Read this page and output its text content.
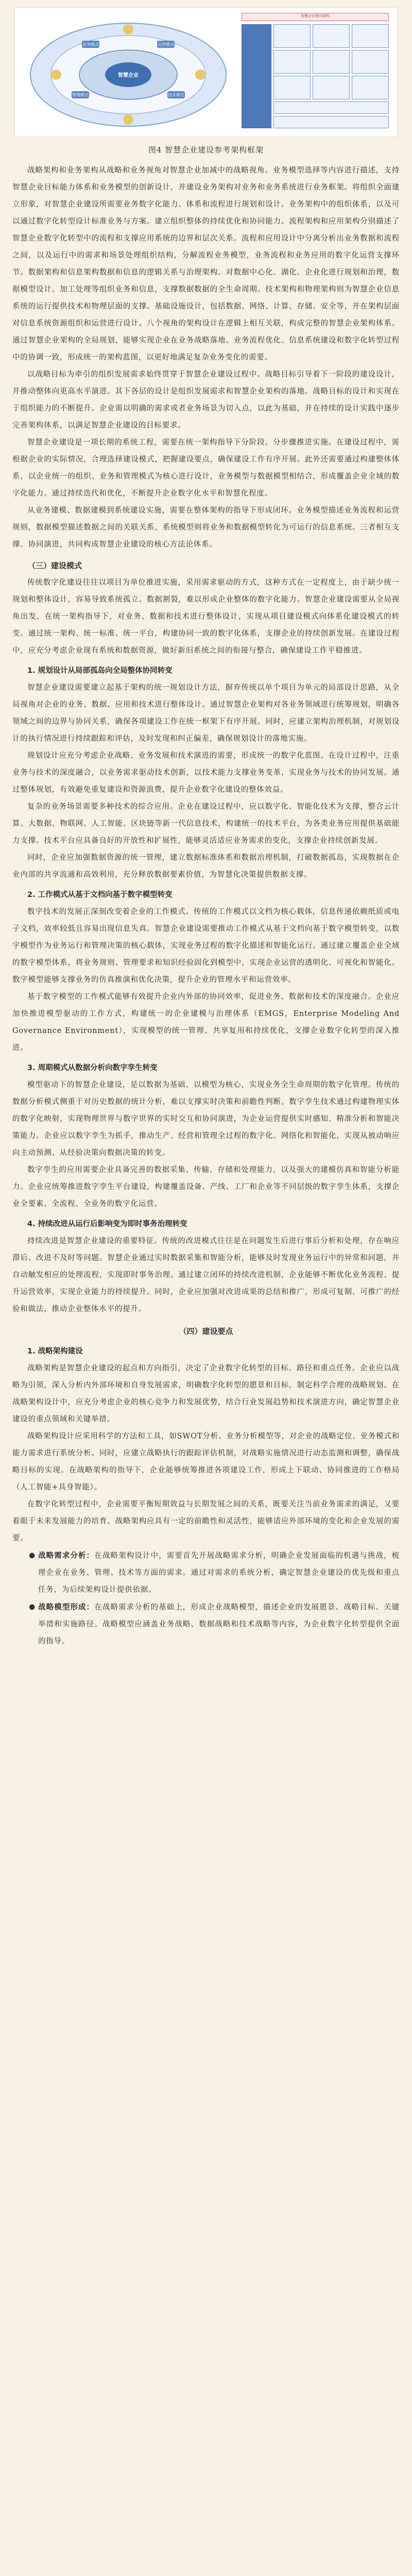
业务模式	运营模式
管理模式	技术模式
智慧企业
智慧企业建设架构
图4 智慧企业建设参考架构框架

战略架构和业务架构从战略和业务视角对智慧企业加减中的战略视角。业务模型选择等内容进行描述，支持智慧企业目标能力体系和业务模型的创新设计，并建设业务架构对业务和业务系统进行业务框架。将组织全面建立形象，对智慧企业建设所需要业务数字化能力、体系和流程进行规划和设计。业务架构中的组织体系，以及可以通过数字化转型设计标准业务与方案。建立组织整体的持续优化和协同能力。流程架构和应用架构分别描述了智慧企业数字化转型中的流程和支撑应用系统的边界和层次关系。流程和应用设计中分离分析出业务数据和流程之间，以及运行中的需求和场景处理组织结构，分解流程业务模型，业务流程和业务应用的数字化运营支撑环节。数据架构和信息架构数据和信息的逻辑关系与治理架构。对数据中心化、湖化、企业化进行规划和治理，数据模型设计、加工处理等组织业务和信息，支撑数据数据的全生命周期。技术架构和物理架构则为智慧企业信息系统的运行提供技术和物理层面的支撑。基础设施设计，包括数据、网络、计算、存储、安全等，并在架构层面对信息系统资源组织和运营进行设计。八个视角的架构设计在逻辑上相互关联，构成完整的智慧企业架构体系。通过智慧企业架构的全局规划，能够实现企业在业务战略落地、业务流程优化、信息系统建设和数字化转型过程中的协调一致，形成统一的架构蓝图，以更好地满足复杂业务变化的需要。

以战略目标为牵引的组织发展需求始终贯穿于智慧企业建设过程中。战略目标引导着下一阶段的建设设计，并推动整体向更高水平演进。其下各层的设计是组织发展需求和智慧企业架构的落地。战略目标的设计和实现在于组织能力的不断提升。企业需以明确的需求或者业务场景为切入点，以此为基础，并在持续的设计实践中逐步完善架构体系，以满足智慧企业建设的目标要求。

智慧企业建设是一项长期的系统工程，需要在统一架构指导下分阶段、分步骤推进实施。在建设过程中，需根据企业的实际情况，合理选择建设模式，把握建设要点，确保建设工作有序开展。此外还需要通过构建整体体系，以企业统一的组织、业务和管理模式为核心进行设计，业务模型与数据模型相结合，形成覆盖企业全域的数字化能力。通过持续迭代和优化，不断提升企业数字化水平和智慧化程度。

从业务建模、数据建模到系统建设实施，需要在整体架构的指导下形成闭环。业务模型描述业务流程和运营规则，数据模型描述数据之间的关联关系，系统模型则将业务和数据模型转化为可运行的信息系统。三者相互支撑、协同演进，共同构成智慧企业建设的核心方法论体系。

（三）建设模式

传统数字化建设往往以项目为单位推进实施，采用需求驱动的方式，这种方式在一定程度上，由于缺少统一规划和整体设计，容易导致系统孤立、数据割裂，难以形成企业整体的数字化能力。智慧企业建设需要从全局视角出发，在统一架构指导下，对业务、数据和技术进行整体设计，实现从项目建设模式向体系化建设模式的转变。通过统一架构、统一标准、统一平台，构建协同一致的数字化体系，支撑企业的持续创新发展。在建设过程中，应充分考虑企业现有系统和数据资源，做好新旧系统之间的衔接与整合，确保建设工作平稳推进。

1. 规划设计从局部孤岛向全局整体协同转变

智慧企业建设需要建立起基于架构的统一规划设计方法，摒弃传统以单个项目为单元的局部设计思路，从全局视角对企业的业务、数据、应用和技术进行整体设计。通过智慧企业架构对各业务领域进行统筹规划，明确各领域之间的边界与协同关系，确保各项建设工作在统一框架下有序开展。同时，应建立架构治理机制，对规划设计的执行情况进行持续跟踪和评估，及时发现和纠正偏差，确保规划设计的落地实施。

规划设计应充分考虑企业战略、业务发展和技术演进的需要，形成统一的数字化蓝图。在设计过程中，注重业务与技术的深度融合，以业务需求驱动技术创新，以技术能力支撑业务变革，实现业务与技术的协同发展。通过整体规划，有效避免重复建设和资源浪费，提升企业数字化建设的整体效益。

复杂的业务场景需要多种技术的综合应用。企业在建设过程中，应以数字化、智能化技术为支撑，整合云计算、大数据、物联网、人工智能、区块链等新一代信息技术，构建统一的技术平台，为各类业务应用提供基础能力支撑。技术平台应具备良好的开放性和扩展性，能够灵活适应业务需求的变化，支撑企业持续创新发展。

同时，企业应加强数据资源的统一管理，建立数据标准体系和数据治理机制，打破数据孤岛，实现数据在企业内部的共享流通和高效利用，充分释放数据要素价值，为智慧化决策提供数据支撑。

2. 工作模式从基于文档向基于数字模型转变

数字技术的发展正深刻改变着企业的工作模式。传统的工作模式以文档为核心载体，信息传递依赖纸质或电子文档，效率较低且容易出现信息失真。智慧企业建设需要推动工作模式从基于文档向基于数字模型转变，以数字模型作为业务运行和管理决策的核心载体，实现业务过程的数字化描述和智能化运行。通过建立覆盖企业全域的数字模型体系，将业务规则、管理要求和知识经验固化到模型中，实现企业运营的透明化、可视化和智能化。数字模型能够支撑业务的仿真推演和优化决策，提升企业的管理水平和运营效率。

基于数字模型的工作模式能够有效提升企业内外部的协同效率，促进业务、数据和技术的深度融合。企业应加快推进模型驱动的工作方式，构建统一的企业建模与治理体系（EMGS，Enterprise Modeling And Governance Environment），实现模型的统一管理、共享复用和持续优化，支撑企业数字化转型的深入推进。

3. 周期模式从数据分析向数字孪生转变

模型驱动下的智慧企业建设，是以数据为基础、以模型为核心，实现业务全生命周期的数字化管理。传统的数据分析模式侧重于对历史数据的统计分析，难以支撑实时决策和前瞻性判断。数字孪生技术通过构建物理实体的数字化映射，实现物理世界与数字世界的实时交互和协同演进，为企业运营提供实时感知、精准分析和智能决策能力。企业应以数字孪生为抓手，推动生产、经营和管理全过程的数字化、网络化和智能化，实现从被动响应向主动预测、从经验决策向数据决策的转变。

数字孪生的应用需要企业具备完善的数据采集、传输、存储和处理能力，以及强大的建模仿真和智能分析能力。企业应统筹推进数字孪生平台建设，构建覆盖设备、产线、工厂和企业等不同层级的数字孪生体系，支撑企业全要素、全流程、全业务的数字化运营。

4. 持续改进从运行后影响变为即时事务治理转变

持续改进是智慧企业建设的重要特征。传统的改进模式往往是在问题发生后进行事后分析和处理，存在响应滞后、改进不及时等问题。智慧企业通过实时数据采集和智能分析，能够及时发现业务运行中的异常和问题，并自动触发相应的处理流程，实现即时事务治理。通过建立闭环的持续改进机制，企业能够不断优化业务流程、提升运营效率，实现企业能力的持续提升。同时，企业应加强对改进成果的总结和推广，形成可复制、可推广的经验和做法，推动企业整体水平的提升。

（四）建设要点
1. 战略架构建设

战略架构是智慧企业建设的起点和方向指引，决定了企业数字化转型的目标、路径和重点任务。企业应以战略为引领，深入分析内外部环境和自身发展需求，明确数字化转型的愿景和目标，制定科学合理的战略规划。在战略架构设计中，应充分考虑企业的核心竞争力和发展优势，结合行业发展趋势和技术演进方向，确定智慧企业建设的重点领域和关键举措。

战略架构设计应采用科学的方法和工具，如SWOT分析、业务分析模型等，对企业的战略定位、业务模式和能力需求进行系统分析。同时，应建立战略执行的跟踪评估机制，对战略实施情况进行动态监测和调整，确保战略目标的实现。在战略架构的指导下，企业能够统筹推进各项建设工作，形成上下联动、协同推进的工作格局（人工智能+具身智能）。

在数字化转型过程中，企业需要平衡短期效益与长期发展之间的关系，既要关注当前业务需求的满足，又要着眼于未来发展能力的培育。战略架构应具有一定的前瞻性和灵活性，能够适应外部环境的变化和企业发展的需要。

● 战略需求分析：在战略架构设计中，需要首先开展战略需求分析，明确企业发展面临的机遇与挑战，梳理企业在业务、管理、技术等方面的需求。通过对需求的系统分析，确定智慧企业建设的优先级和重点任务，为后续架构设计提供依据。

● 战略模型形成：在战略需求分析的基础上，形成企业战略模型，描述企业的发展愿景、战略目标、关键举措和实施路径。战略模型应涵盖业务战略、数据战略和技术战略等内容，为企业数字化转型提供全面的指导。
